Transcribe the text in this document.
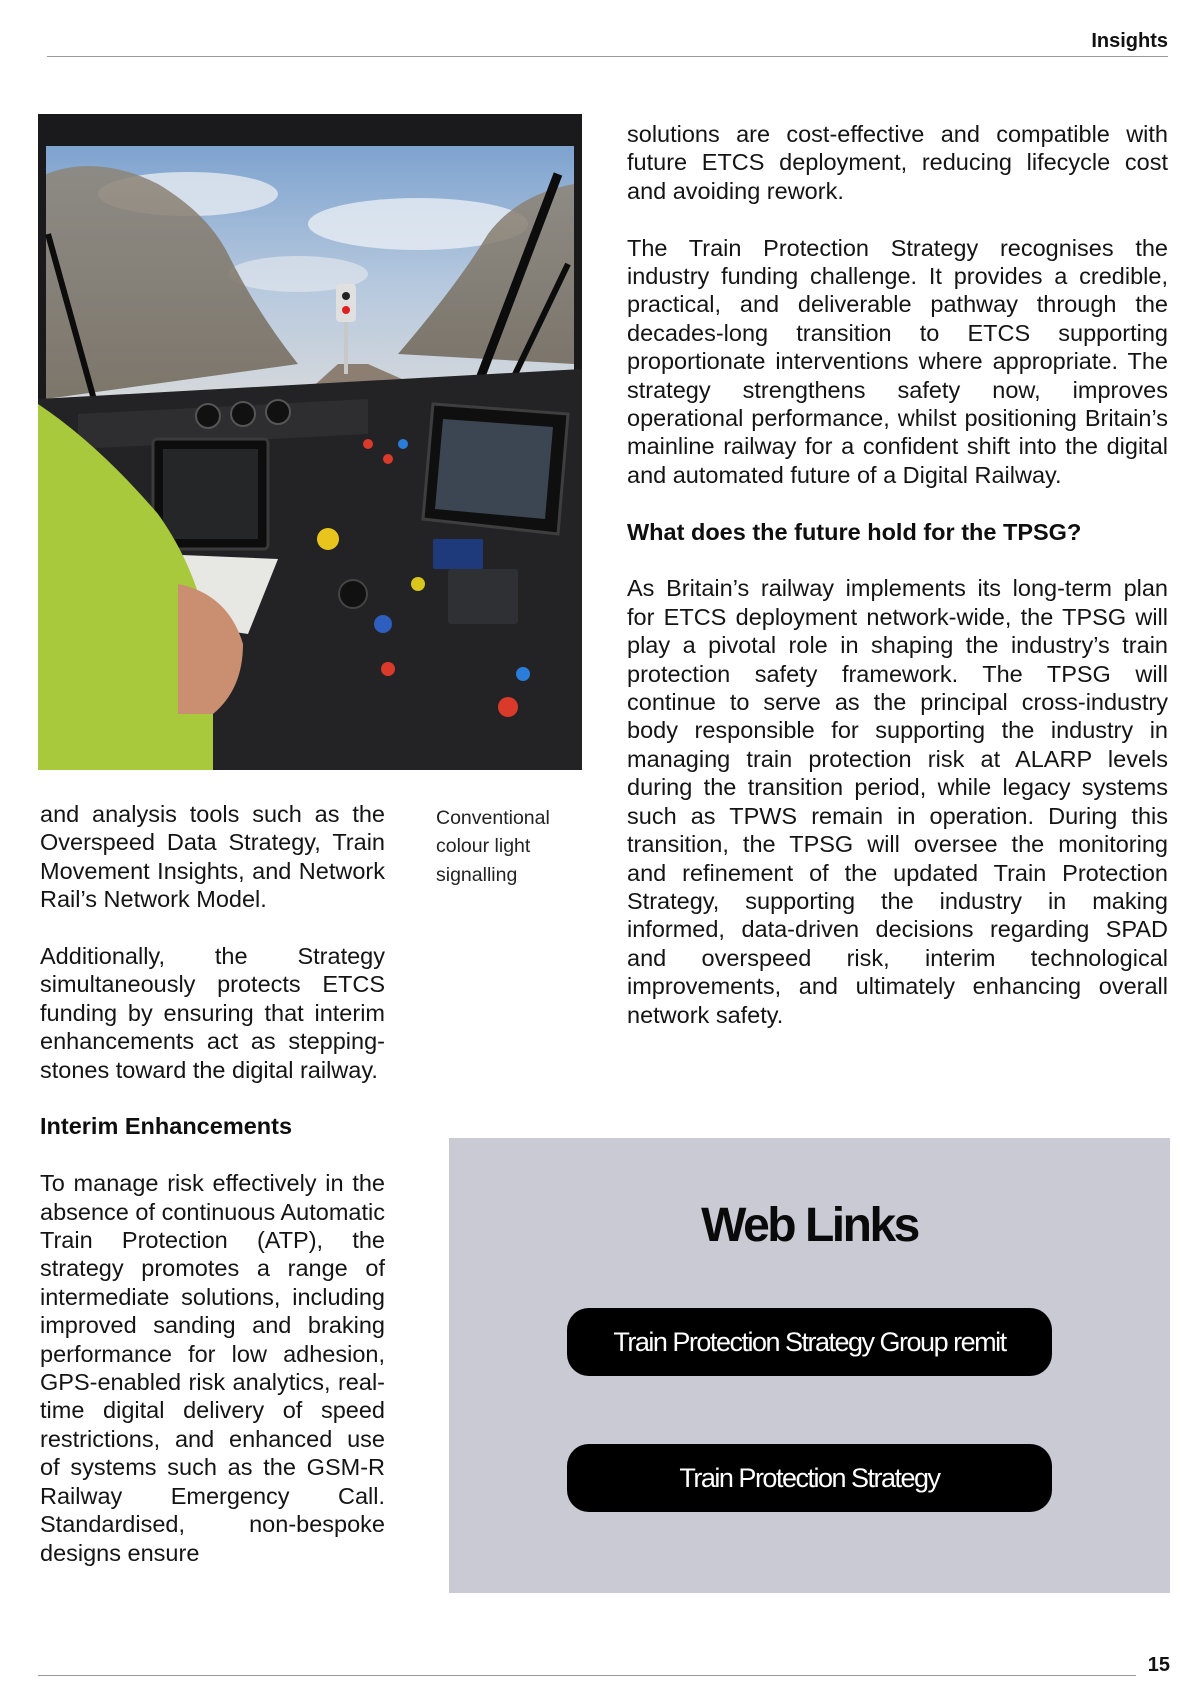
Insights
Conventional colour light signalling

and analysis tools such as the Overspeed Data Strategy, Train Movement Insights, and Network Rail’s Network Model.

Additionally, the Strategy simultaneously protects ETCS funding by ensuring that interim enhancements act as stepping-stones toward the digital railway.

Interim Enhancements

To manage risk effectively in the absence of continuous Automatic Train Protection (ATP), the strategy promotes a range of intermediate solutions, including improved sanding and braking performance for low adhesion, GPS-enabled risk analytics, real-time digital delivery of speed restrictions, and enhanced use of systems such as the GSM-R Railway Emergency Call. Standardised, non-bespoke designs ensure

solutions are cost-effective and compatible with future ETCS deployment, reducing lifecycle cost and avoiding rework.

The Train Protection Strategy recognises the industry funding challenge. It provides a credible, practical, and deliverable pathway through the decades-long transition to ETCS supporting proportionate interventions where appropriate. The strategy strengthens safety now, improves operational performance, whilst positioning Britain’s mainline railway for a confident shift into the digital and automated future of a Digital Railway.

What does the future hold for the TPSG?

As Britain’s railway implements its long-term plan for ETCS deployment network-wide, the TPSG will play a pivotal role in shaping the industry’s train protection safety framework. The TPSG will continue to serve as the principal cross-industry body responsible for supporting the industry in managing train protection risk at ALARP levels during the transition period, while legacy systems such as TPWS remain in operation. During this transition, the TPSG will oversee the monitoring and refinement of the updated Train Protection Strategy, supporting the industry in making informed, data-driven decisions regarding SPAD and overspeed risk, interim technological improvements, and ultimately enhancing overall network safety.

Web Links
Train Protection Strategy Group remit
Train Protection Strategy
15
